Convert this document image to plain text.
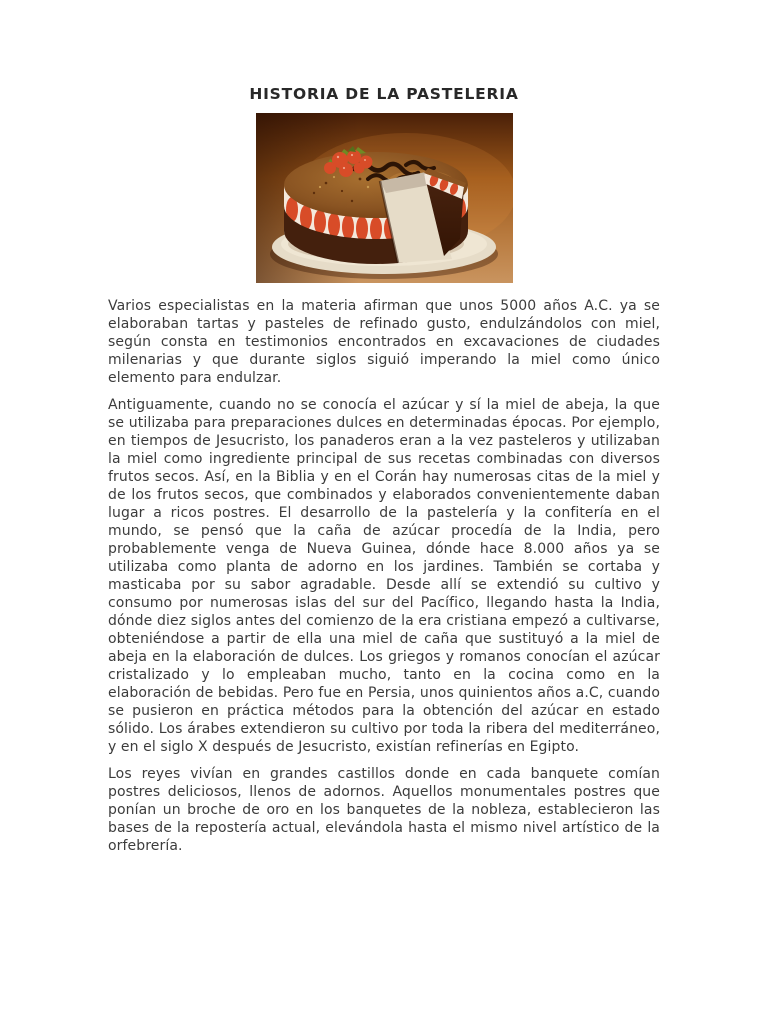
HISTORIA DE LA PASTELERIA

Varios especialistas en la materia afirman que unos 5000 años A.C. ya se elaboraban tartas y pasteles de refinado gusto, endulzándolos con miel, según consta en testimonios encontrados en excavaciones de ciudades milenarias y que durante siglos siguió imperando la miel como único elemento para endulzar.

Antiguamente, cuando no se conocía el azúcar y sí la miel de abeja, la que se utilizaba para preparaciones dulces en determinadas épocas. Por ejemplo, en tiempos de Jesucristo, los panaderos eran a la vez pasteleros y utilizaban la miel como ingrediente principal de sus recetas combinadas con diversos frutos secos. Así, en la Biblia y en el Corán hay numerosas citas de la miel y de los frutos secos, que combinados y elaborados convenientemente daban lugar a ricos postres. El desarrollo de la pastelería y la confitería en el mundo, se pensó que la caña de azúcar procedía de la India, pero probablemente venga de Nueva Guinea, dónde hace 8.000 años ya se utilizaba como planta de adorno en los jardines. También se cortaba y masticaba por su sabor agradable. Desde allí se extendió su cultivo y consumo por numerosas islas del sur del Pacífico, llegando hasta la India, dónde diez siglos antes del comienzo de la era cristiana empezó a cultivarse, obteniéndose a partir de ella una miel de caña que sustituyó a la miel de abeja en la elaboración de dulces. Los griegos y romanos conocían el azúcar cristalizado y lo empleaban mucho, tanto en la cocina como en la elaboración de bebidas. Pero fue en Persia, unos quinientos años a.C, cuando se pusieron en práctica métodos para la obtención del azúcar en estado sólido. Los árabes extendieron su cultivo por toda la ribera del mediterráneo, y en el siglo X después de Jesucristo, existían refinerías en Egipto.

Los reyes vivían en grandes castillos donde en cada banquete comían postres deliciosos, llenos de adornos. Aquellos monumentales postres que ponían un broche de oro en los banquetes de la nobleza, establecieron las bases de la repostería actual, elevándola hasta el mismo nivel artístico de la orfebrería.
